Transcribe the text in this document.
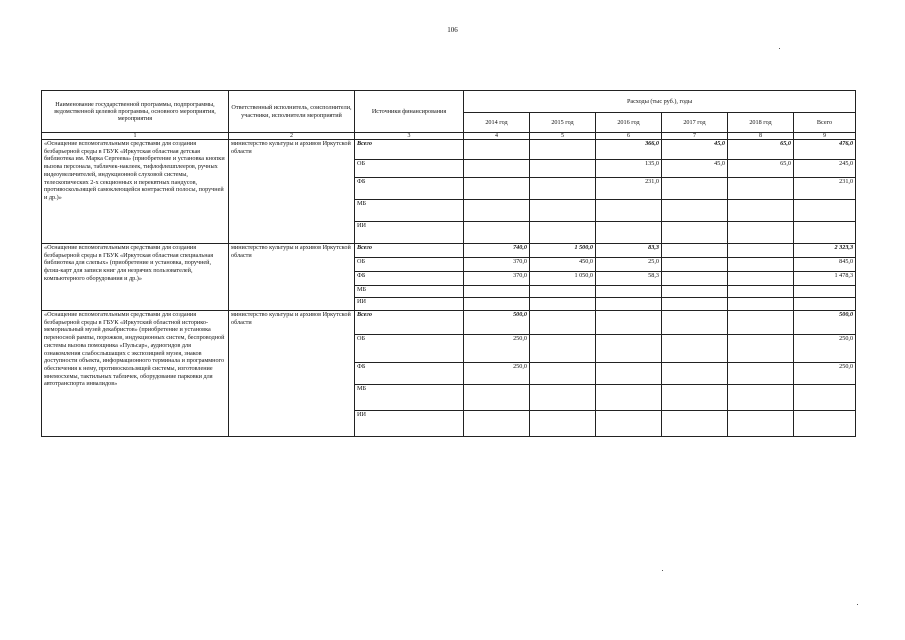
106
Наименование государственной программы, подпрограммы, ведомственной целевой программы, основного мероприятия, мероприятия	Ответственный исполнитель, соисполнители, участники, исполнители мероприятий	Источники финансирования	Расходы (тыс руб.), годы					
			2014 год	2015 год	2016 год	2017 год	2018 год	Всего
1	2	3	4	5	6	7	8	9
«Оснащение вспомогательными средствами для создания безбарьерной среды в ГБУК «Иркутская областная детская библиотека им. Марка Сергеева» (приобретение и установка кнопки вызова персонала, табличек-наклеек, тифлофлешплееров, ручных видеоувеличителей, индукционной слуховой системы, телескопических 2-х секционных и переквтных пандусов, противоскользящей самоклеющейся контрастной полосы, поручней и др.)»	министерство культуры и архивов Иркутской области	Всего			366,0	45,0	65,0	476,0
		ОБ			135,0	45,0	65,0	245,0
		ФБ			231,0			231,0
		МБ						
		ИИ						
«Оснащение вспомогательными средствами для создания безбарьерной среды в ГБУК «Иркутская областная специальная библиотека для слепых» (приобретение и установка, поручней, флэш-карт для записи книг для незрячих пользователей, компьютерного оборудования и др.)»	министерство культуры и архивов Иркутской области	Всего	740,0	1 500,0	83,3			2 323,3
		ОБ	370,0	450,0	25,0			845,0
		ФБ	370,0	1 050,0	58,3			1 478,3
		МБ						
		ИИ						
«Оснащение вспомогательными средствами для создания безбарьерной среды в ГБУК «Иркутский областной историко-мемориальный музей декабристов» (приобретение и установка переносной рампы, порожков, индукционных систем, беспроводной системы вызова помощника «Пульсар», аудиогидов для ознакомления слабослышащих с экспозицией музея, знаков доступности объекта, информационного терминала и программного обеспечения к нему, противоскользящей системы, изготовление мнемосхемы, тактильных табличек, оборудование парковки для автотранспорта инвалидов»	министерство культуры и архивов Иркутской области	Всего	500,0					500,0
		ОБ	250,0					250,0
		ФБ	250,0					250,0
		МБ						
		ИИ						
